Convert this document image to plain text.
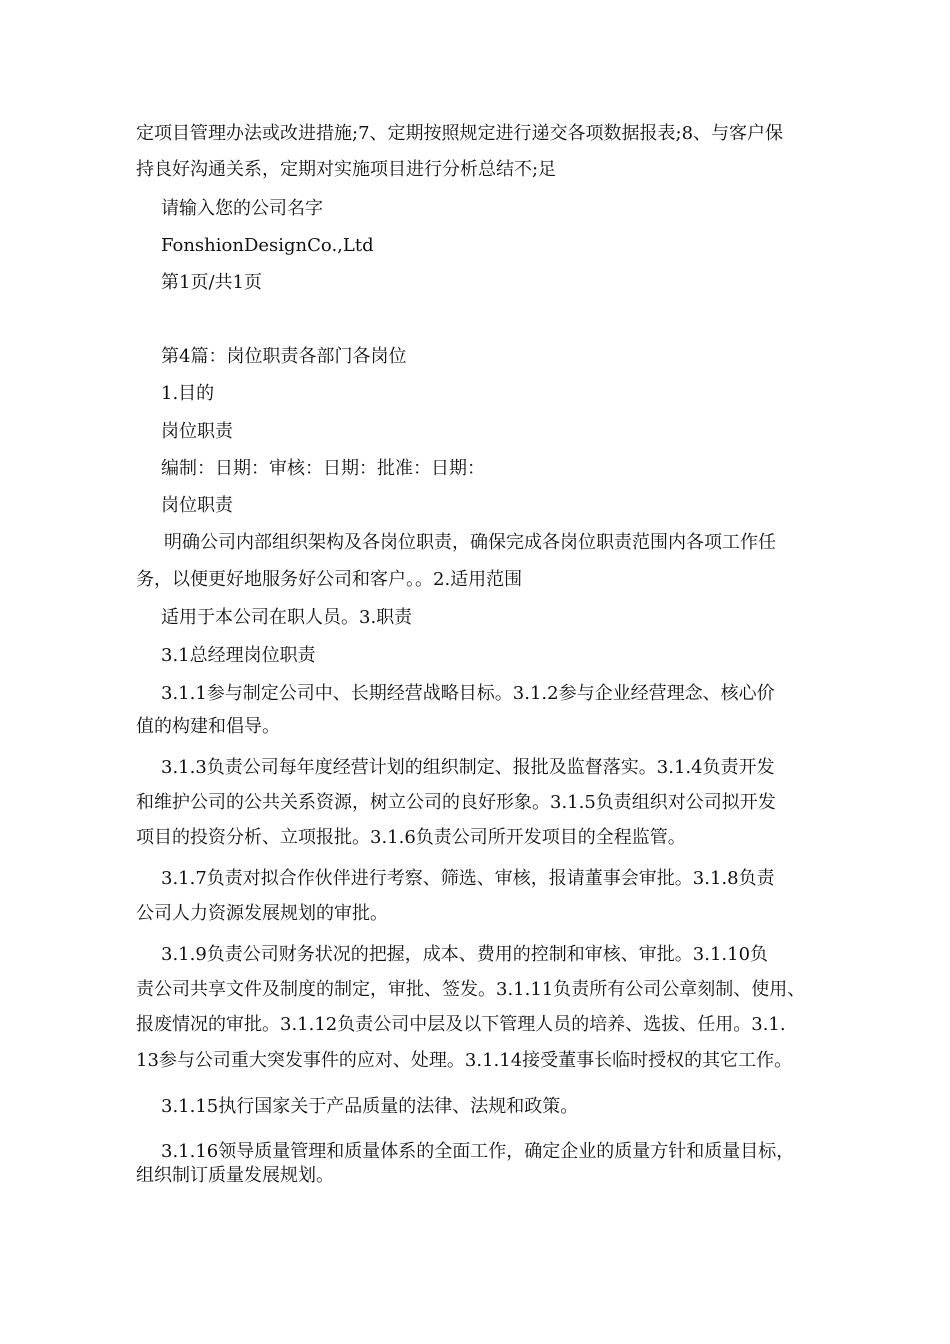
定项目管理办法或改进措施;7、定期按照规定进行递交各项数据报表;8、与客户保

持良好沟通关系，定期对实施项目进行分析总结不;足

请输入您的公司名字

FonshionDesignCo.,Ltd

第1页/共1页

第4篇：岗位职责各部门各岗位

1.目的

岗位职责

编制：日期：审核：日期：批准：日期：

岗位职责

明确公司内部组织架构及各岗位职责，确保完成各岗位职责范围内各项工作任

务，以便更好地服务好公司和客户。。2.适用范围

适用于本公司在职人员。3.职责

3.1总经理岗位职责

3.1.1参与制定公司中、长期经营战略目标。3.1.2参与企业经营理念、核心价

值的构建和倡导。

3.1.3负责公司每年度经营计划的组织制定、报批及监督落实。3.1.4负责开发

和维护公司的公共关系资源，树立公司的良好形象。3.1.5负责组织对公司拟开发

项目的投资分析、立项报批。3.1.6负责公司所开发项目的全程监管。

3.1.7负责对拟合作伙伴进行考察、筛选、审核，报请董事会审批。3.1.8负责

公司人力资源发展规划的审批。

3.1.9负责公司财务状况的把握，成本、费用的控制和审核、审批。3.1.10负

责公司共享文件及制度的制定，审批、签发。3.1.11负责所有公司公章刻制、使用、

报废情况的审批。3.1.12负责公司中层及以下管理人员的培养、选拔、任用。3.1.

13参与公司重大突发事件的应对、处理。3.1.14接受董事长临时授权的其它工作。

3.1.15执行国家关于产品质量的法律、法规和政策。

3.1.16领导质量管理和质量体系的全面工作，确定企业的质量方针和质量目标，

组织制订质量发展规划。
